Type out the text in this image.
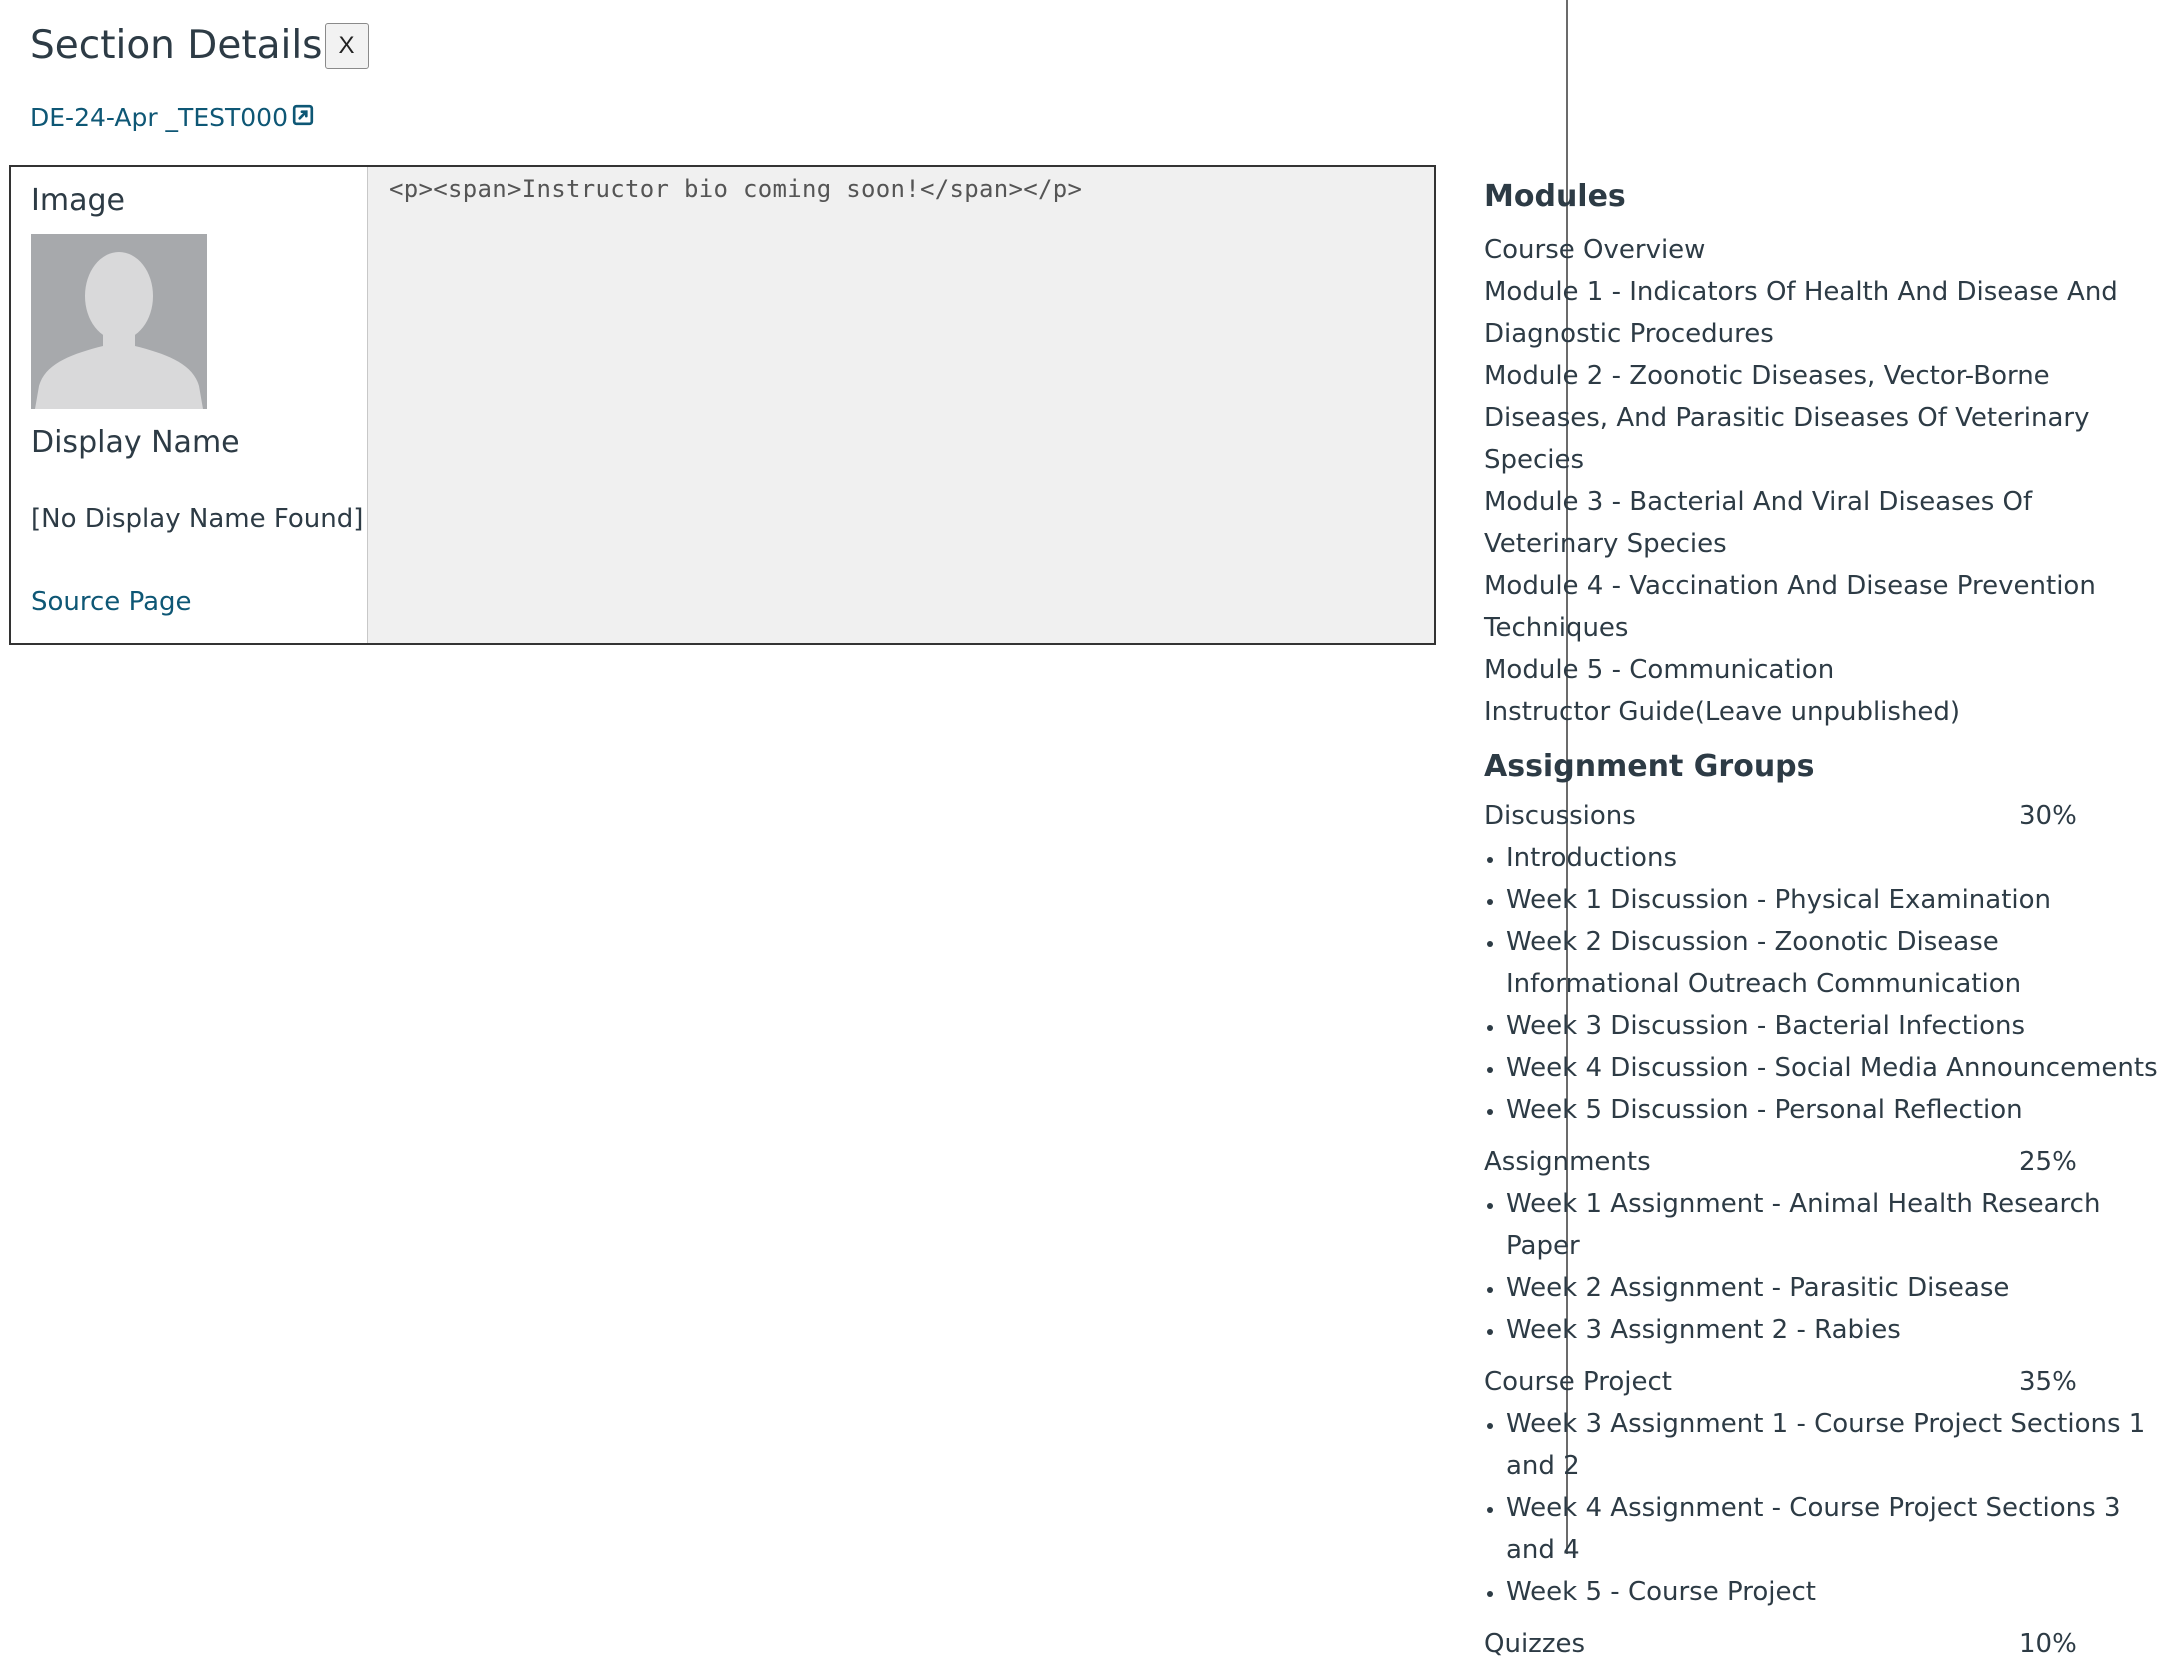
Section Details X
DE-24-Apr _TEST000
Image
Display Name
[No Display Name Found]
Source Page
<p><span>Instructor bio coming soon!</span></p>	Modules
Course Overview
Module 1 - Indicators Of Health And Disease And Diagnostic Procedures
Module 2 - Zoonotic Diseases, Vector-Borne Diseases, And Parasitic Diseases Of Veterinary Species
Module 3 - Bacterial And Viral Diseases Of Veterinary Species
Module 4 - Vaccination And Disease Prevention Techniques
Module 5 - Communication
Instructor Guide(Leave unpublished)
Assignment Groups
Discussions	30%
• Introductions
• Week 1 Discussion - Physical Examination
• Week 2 Discussion - Zoonotic Disease Informational Outreach Communication
• Week 3 Discussion - Bacterial Infections
• Week 4 Discussion - Social Media Announcements
• Week 5 Discussion - Personal Reflection
Assignments	25%
• Week 1 Assignment - Animal Health Research Paper
• Week 2 Assignment - Parasitic Disease
• Week 3 Assignment 2 - Rabies
Course Project	35%
• Week 3 Assignment 1 - Course Project Sections 1 and 2
• Week 4 Assignment - Course Project Sections 3 and 4
• Week 5 - Course Project
Quizzes	10%
